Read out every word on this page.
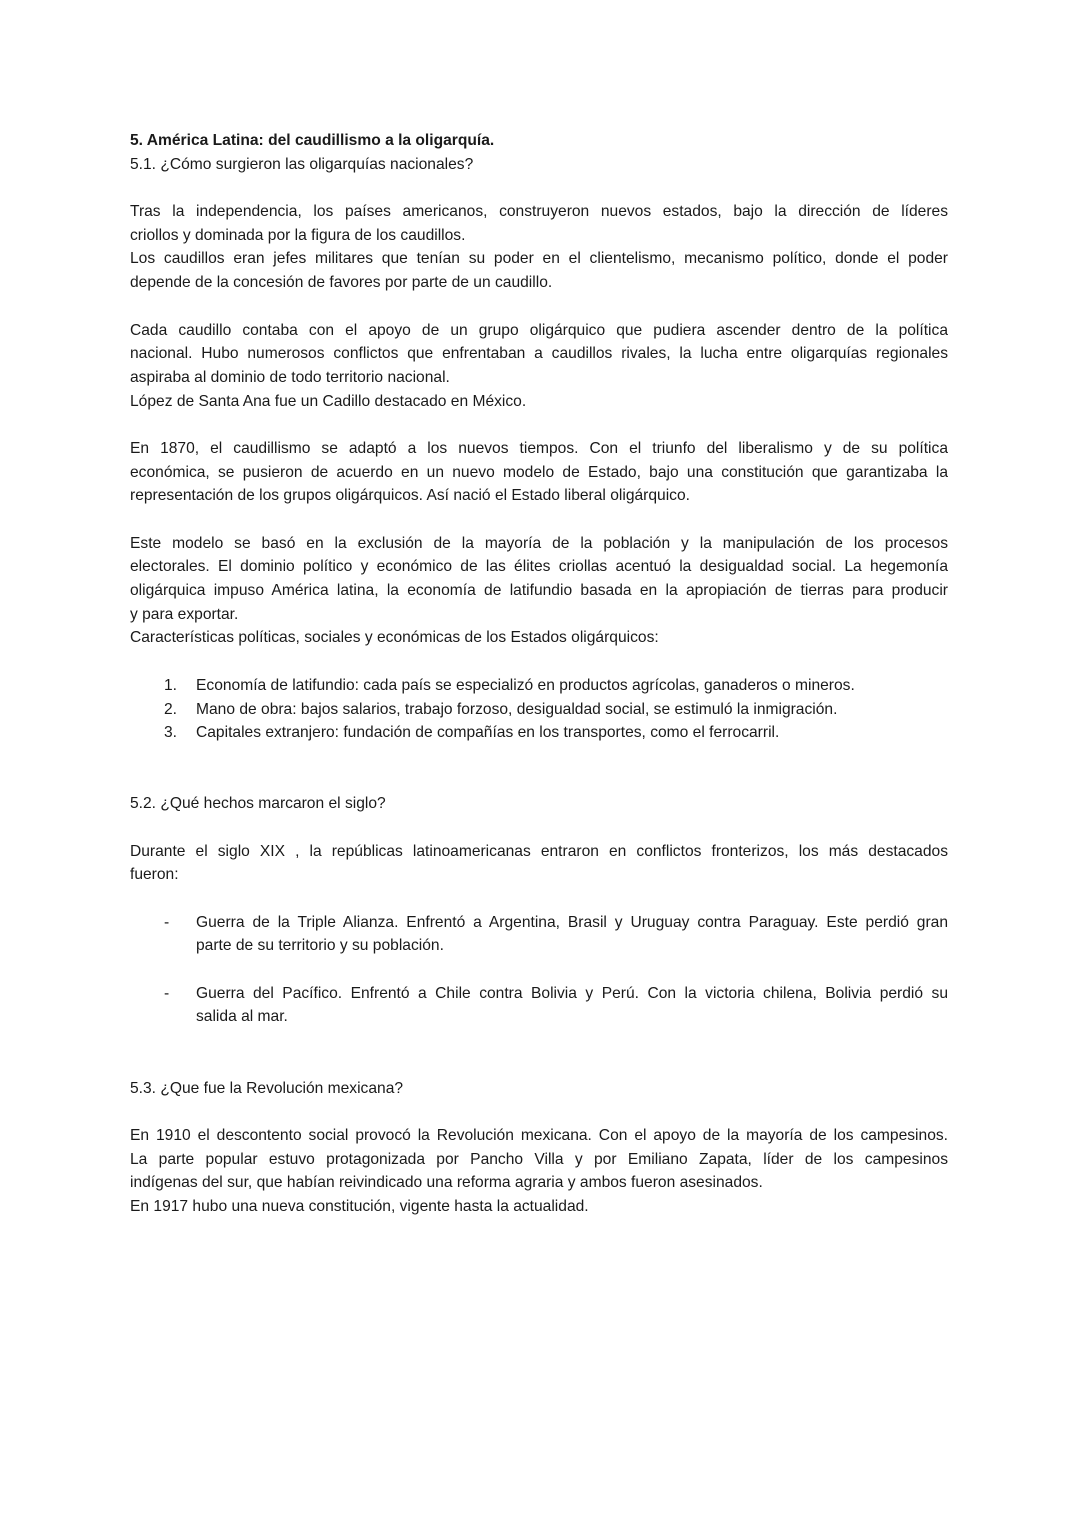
5. América Latina: del caudillismo a la oligarquía.
5.1. ¿Cómo surgieron las oligarquías nacionales?
Tras la independencia, los países americanos, construyeron nuevos estados, bajo la dirección de líderes
criollos y dominada por la figura de los caudillos.
Los caudillos eran jefes militares que tenían su poder en el clientelismo, mecanismo político, donde el poder
depende de la concesión de favores por parte de un caudillo.
Cada caudillo contaba con el apoyo de un grupo oligárquico que pudiera ascender dentro de la política
nacional. Hubo numerosos conflictos que enfrentaban a caudillos rivales, la lucha entre oligarquías regionales
aspiraba al dominio de todo territorio nacional.
López de Santa Ana fue un Cadillo destacado en México.
En 1870, el caudillismo se adaptó a los nuevos tiempos. Con el triunfo del liberalismo y de su política
económica, se pusieron de acuerdo en un nuevo modelo de Estado, bajo una constitución que garantizaba la
representación de los grupos oligárquicos. Así nació el Estado liberal oligárquico.
Este modelo se basó en la exclusión de la mayoría de la población y la manipulación de los procesos
electorales. El dominio político y económico de las élites criollas acentuó la desigualdad social. La hegemonía
oligárquica impuso América latina, la economía de latifundio basada en la apropiación de tierras para producir
y para exportar.
Características políticas, sociales y económicas de los Estados oligárquicos:
1. Economía de latifundio: cada país se especializó en productos agrícolas, ganaderos o mineros.
2. Mano de obra: bajos salarios, trabajo forzoso, desigualdad social, se estimuló la inmigración.
3. Capitales extranjero: fundación de compañías en los transportes, como el ferrocarril.
5.2. ¿Qué hechos marcaron el siglo?
Durante el siglo XIX , la repúblicas latinoamericanas entraron en conflictos fronterizos, los más destacados
fueron:
- Guerra de la Triple Alianza. Enfrentó a Argentina, Brasil y Uruguay contra Paraguay. Este perdió gran
parte de su territorio y su población.
- Guerra del Pacífico. Enfrentó a Chile contra Bolivia y Perú. Con la victoria chilena, Bolivia perdió su
salida al mar.
5.3. ¿Que fue la Revolución mexicana?
En 1910 el descontento social provocó la Revolución mexicana. Con el apoyo de la mayoría de los campesinos.
La parte popular estuvo protagonizada por Pancho Villa y por Emiliano Zapata, líder de los campesinos
indígenas del sur, que habían reivindicado una reforma agraria y ambos fueron asesinados.
En 1917 hubo una nueva constitución, vigente hasta la actualidad.
